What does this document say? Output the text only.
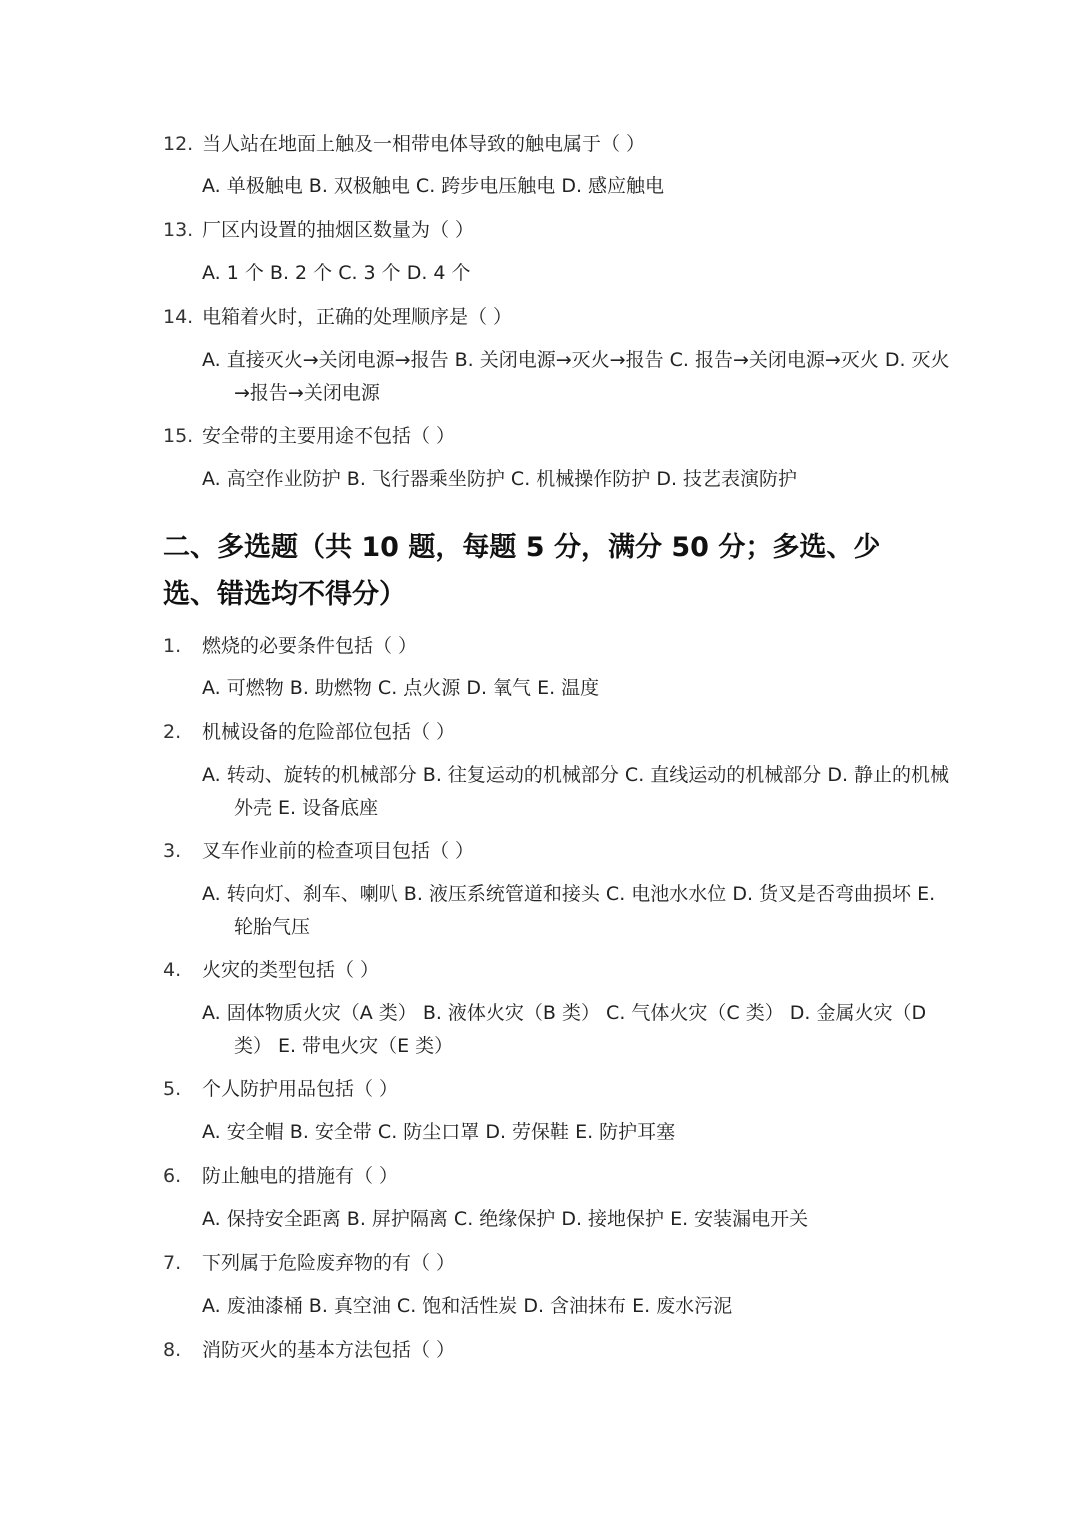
12. 当人站在地面上触及一相带电体导致的触电属于（ ）
A. 单极触电 B. 双极触电 C. 跨步电压触电 D. 感应触电
13. 厂区内设置的抽烟区数量为（ ）
A. 1 个 B. 2 个 C. 3 个 D. 4 个
14. 电箱着火时，正确的处理顺序是（ ）
A. 直接灭火→关闭电源→报告 B. 关闭电源→灭火→报告 C. 报告→关闭电源→灭火 D. 灭火→报告→关闭电源
15. 安全带的主要用途不包括（ ）
A. 高空作业防护 B. 飞行器乘坐防护 C. 机械操作防护 D. 技艺表演防护
二、多选题（共 10 题，每题 5 分，满分 50 分；多选、少选、错选均不得分）
1.	燃烧的必要条件包括（ ）
A. 可燃物 B. 助燃物 C. 点火源 D. 氧气 E. 温度
2.	机械设备的危险部位包括（ ）
A. 转动、旋转的机械部分 B. 往复运动的机械部分 C. 直线运动的机械部分 D. 静止的机械外壳 E. 设备底座
3.	叉车作业前的检查项目包括（ ）
A. 转向灯、刹车、喇叭 B. 液压系统管道和接头 C. 电池水水位 D. 货叉是否弯曲损坏 E. 轮胎气压
4.	火灾的类型包括（ ）
A. 固体物质火灾（A 类） B. 液体火灾（B 类） C. 气体火灾（C 类） D. 金属火灾（D 类） E. 带电火灾（E 类）
5.	个人防护用品包括（ ）
A. 安全帽 B. 安全带 C. 防尘口罩 D. 劳保鞋 E. 防护耳塞
6.	防止触电的措施有（ ）
A. 保持安全距离 B. 屏护隔离 C. 绝缘保护 D. 接地保护 E. 安装漏电开关
7.	下列属于危险废弃物的有（ ）
A. 废油漆桶 B. 真空油 C. 饱和活性炭 D. 含油抹布 E. 废水污泥
8.	消防灭火的基本方法包括（ ）
